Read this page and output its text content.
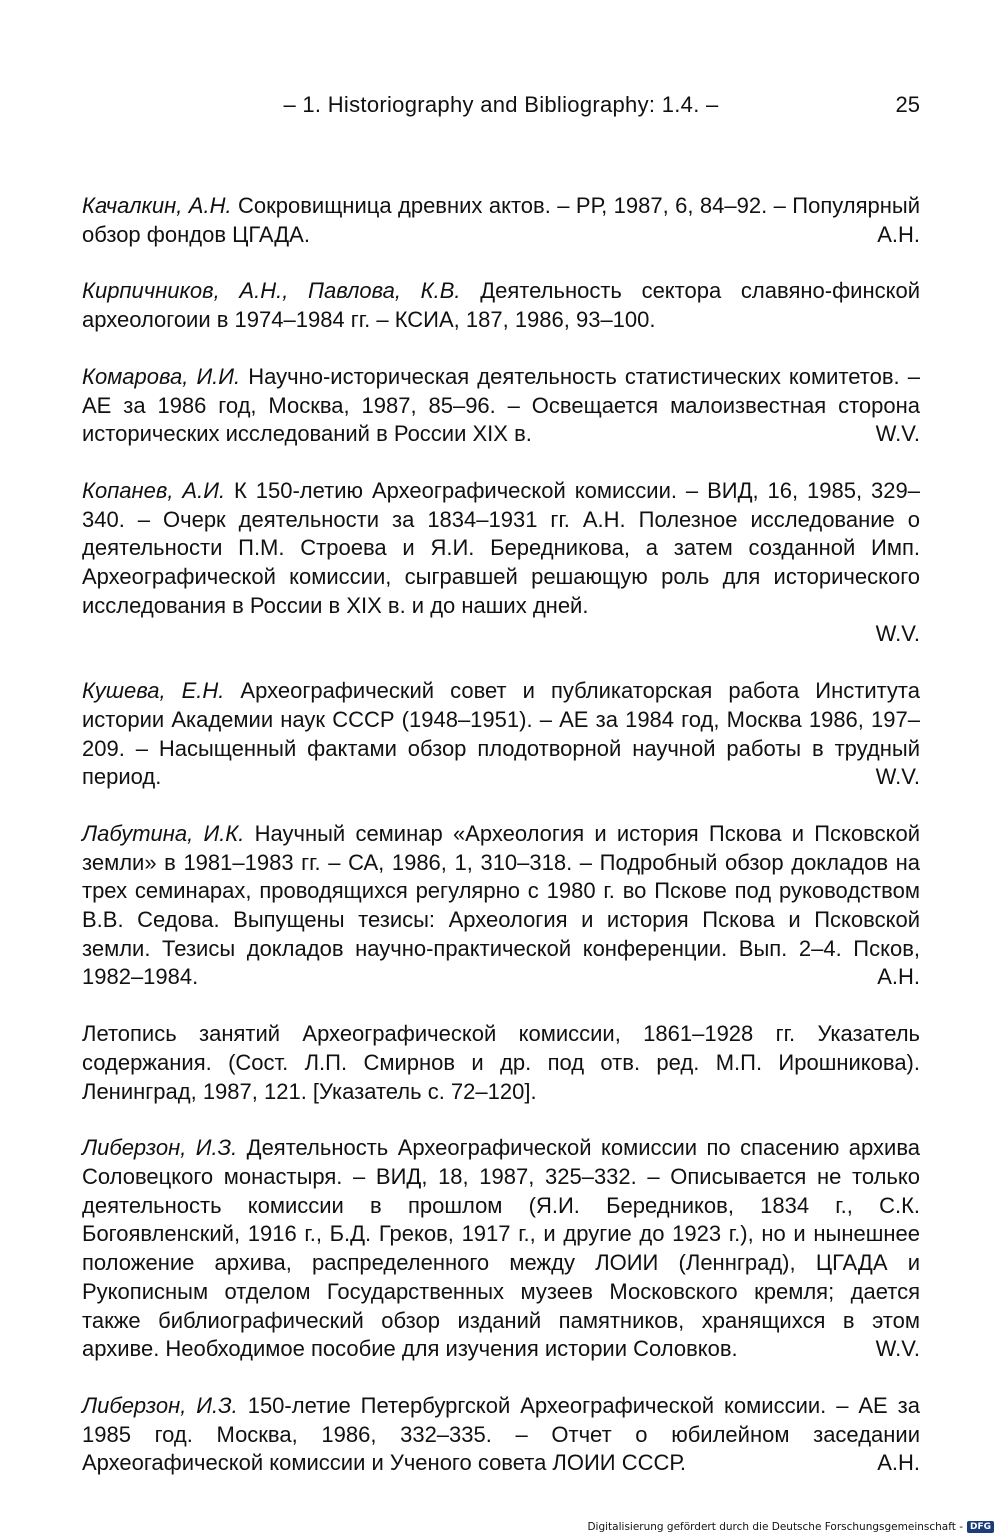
– 1. Historiography and Bibliography: 1.4. –	25

Качалкин, А.Н. Сокровищница древних актов. – РР, 1987, 6, 84–92. – Популярный обзор фондов ЦГАДА.	A.H.

Кирпичников, А.Н., Павлова, К.В. Деятельность сектора славяно-финской археологоии в 1974–1984 гг. – КСИА, 187, 1986, 93–100.

Комарова, И.И. Научно-историческая деятельность статистических комитетов. – АЕ за 1986 год, Москва, 1987, 85–96. – Освещается малоизвестная сторона исторических исследований в России XIX в.	W.V.

Копанев, А.И. К 150-летию Археографической комиссии. – ВИД, 16, 1985, 329–340. – Очерк деятельности за 1834–1931 гг. А.Н. Полезное исследование о деятельности П.М. Строева и Я.И. Бередникова, а затем созданной Имп. Археографической комиссии, сыгравшей решающую роль для исторического исследования в России в XIX в. и до наших дней.
W.V.

Кушева, Е.Н. Археографический совет и публикаторская работа Института истории Академии наук СССР (1948–1951). – АЕ за 1984 год, Москва 1986, 197–209. – Насыщенный фактами обзор плодотворной научной работы в трудный период.	W.V.

Лабутина, И.К. Научный семинар «Археология и история Пскова и Псковской земли» в 1981–1983 гг. – СА, 1986, 1, 310–318. – Подробный обзор докладов на трех семинарах, проводящихся регулярно с 1980 г. во Пскове под руководством В.В. Седова. Выпущены тезисы: Археология и история Пскова и Псковской земли. Тезисы докладов научно-практической конференции. Вып. 2–4. Псков, 1982–1984.	A.H.

Летопись занятий Археографической комиссии, 1861–1928 гг. Указатель содержания. (Сост. Л.П. Смирнов и др. под отв. ред. М.П. Ирошникова). Ленинград, 1987, 121. [Указатель с. 72–120].

Либерзон, И.З. Деятельность Археографической комиссии по спасению архива Соловецкого монастыря. – ВИД, 18, 1987, 325–332. – Описывается не только деятельность комиссии в прошлом (Я.И. Бередников, 1834 г., С.К. Богоявленский, 1916 г., Б.Д. Греков, 1917 г., и другие до 1923 г.), но и нынешнее положение архива, распределенного между ЛОИИ (Леннград), ЦГАДА и Рукописным отделом Государственных музеев Московского кремля; дается также библиографический обзор изданий памятников, хранящихся в этом архиве. Необходимое пособие для изучения истории Соловков.	W.V.

Либерзон, И.З. 150-летие Петербургской Археографической комиссии. – АЕ за 1985 год. Москва, 1986, 332–335. – Отчет о юбилейном заседании Археогафической комиссии и Ученого совета ЛОИИ СССР.	A.H.

Digitalisierung gefördert durch die Deutsche Forschungsgemeinschaft - DFG
